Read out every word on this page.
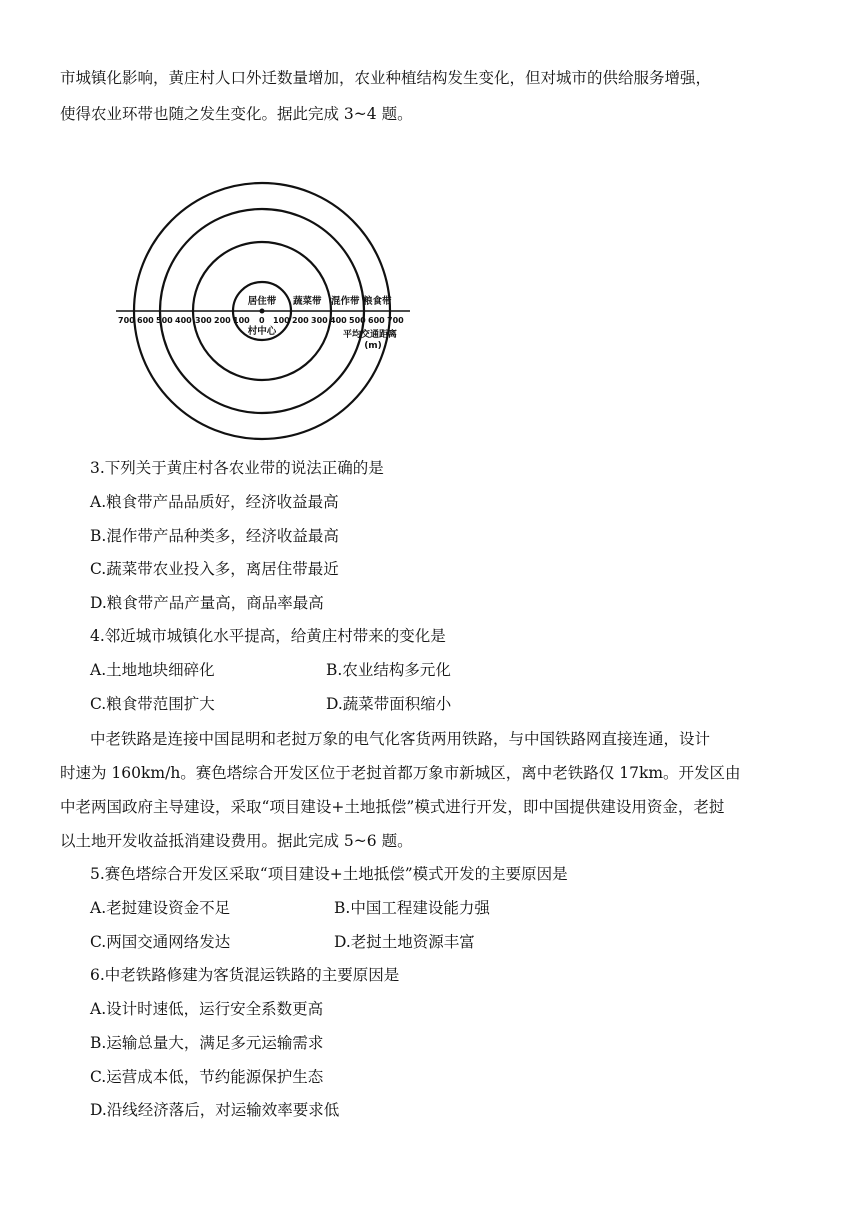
市城镇化影响，黄庄村人口外迁数量增加，农业种植结构发生变化，但对城市的供给服务增强，
使得农业环带也随之发生变化。据此完成 3~4 题。
居住带 蔬菜带 混作带 粮食带
700 600 500 400 300 200 100 0 100 200 300 400 500 600 700
村中心	平均交通距离
(m)
3.下列关于黄庄村各农业带的说法正确的是
A.粮食带产品品质好，经济收益最高
B.混作带产品种类多，经济收益最高
C.蔬菜带农业投入多，离居住带最近
D.粮食带产品产量高，商品率最高
4.邻近城市城镇化水平提高，给黄庄村带来的变化是
A.土地地块细碎化	B.农业结构多元化
C.粮食带范围扩大	D.蔬菜带面积缩小
中老铁路是连接中国昆明和老挝万象的电气化客货两用铁路，与中国铁路网直接连通，设计
时速为 160km/h。赛色塔综合开发区位于老挝首都万象市新城区，离中老铁路仅 17km。开发区由
中老两国政府主导建设，采取“项目建设+土地抵偿”模式进行开发，即中国提供建设用资金，老挝
以土地开发收益抵消建设费用。据此完成 5~6 题。
5.赛色塔综合开发区采取“项目建设+土地抵偿”模式开发的主要原因是
A.老挝建设资金不足	B.中国工程建设能力强
C.两国交通网络发达	D.老挝土地资源丰富
6.中老铁路修建为客货混运铁路的主要原因是
A.设计时速低，运行安全系数更高
B.运输总量大，满足多元运输需求
C.运营成本低，节约能源保护生态
D.沿线经济落后，对运输效率要求低
